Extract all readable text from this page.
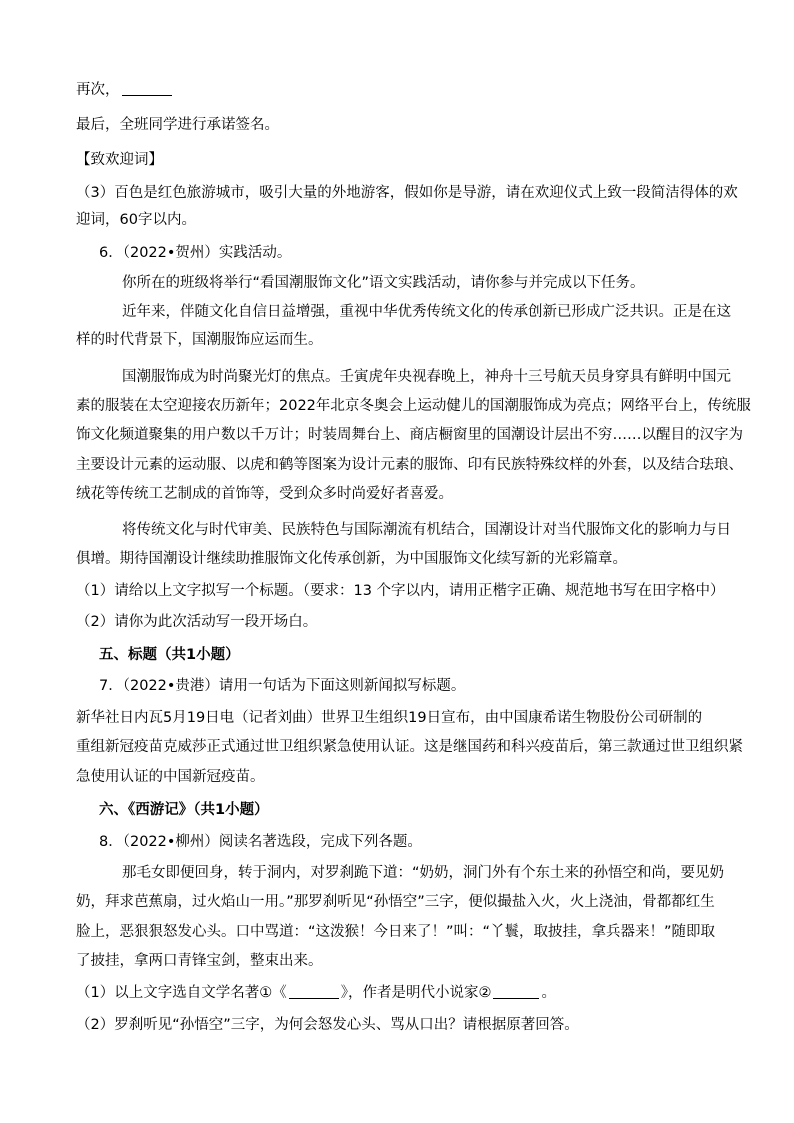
再次，
最后，全班同学进行承诺签名。
【致欢迎词】
（3）百色是红色旅游城市，吸引大量的外地游客，假如你是导游，请在欢迎仪式上致一段简洁得体的欢
迎词，60字以内。
6．（2022•贺州）实践活动。
你所在的班级将举行“看国潮服饰文化”语文实践活动，请你参与并完成以下任务。
近年来，伴随文化自信日益增强，重视中华优秀传统文化的传承创新已形成广泛共识。正是在这
样的时代背景下，国潮服饰应运而生。
国潮服饰成为时尚聚光灯的焦点。壬寅虎年央视春晚上，神舟十三号航天员身穿具有鲜明中国元
素的服装在太空迎接农历新年；2022年北京冬奥会上运动健儿的国潮服饰成为亮点；网络平台上，传统服
饰文化频道聚集的用户数以千万计；时装周舞台上、商店橱窗里的国潮设计层出不穷……以醒目的汉字为
主要设计元素的运动服、以虎和鹤等图案为设计元素的服饰、印有民族特殊纹样的外套，以及结合珐琅、
绒花等传统工艺制成的首饰等，受到众多时尚爱好者喜爱。
将传统文化与时代审美、民族特色与国际潮流有机结合，国潮设计对当代服饰文化的影响力与日
俱增。期待国潮设计继续助推服饰文化传承创新，为中国服饰文化续写新的光彩篇章。
（1）请给以上文字拟写一个标题。（要求：13 个字以内，请用正楷字正确、规范地书写在田字格中）
（2）请你为此次活动写一段开场白。
五、标题（共1小题）
7．（2022•贵港）请用一句话为下面这则新闻拟写标题。
新华社日内瓦5月19日电（记者刘曲）世界卫生组织19日宣布，由中国康希诺生物股份公司研制的
重组新冠疫苗克威莎正式通过世卫组织紧急使用认证。这是继国药和科兴疫苗后，第三款通过世卫组织紧
急使用认证的中国新冠疫苗。
六、《西游记》（共1小题）
8．（2022•柳州）阅读名著选段，完成下列各题。
那毛女即便回身，转于洞内，对罗刹跪下道：“奶奶，洞门外有个东土来的孙悟空和尚，要见奶
奶，拜求芭蕉扇，过火焰山一用。”那罗刹听见“孙悟空”三字，便似撮盐入火，火上浇油，骨都都红生
脸上，恶狠狠怒发心头。口中骂道：“这泼猴！今日来了！”叫：“丫鬟，取披挂，拿兵器来！”随即取
了披挂，拿两口青锋宝剑，整束出来。
（1）以上文字选自文学名著①《	》，作者是明代小说家②	。
（2）罗刹听见“孙悟空”三字，为何会怒发心头、骂从口出？请根据原著回答。
